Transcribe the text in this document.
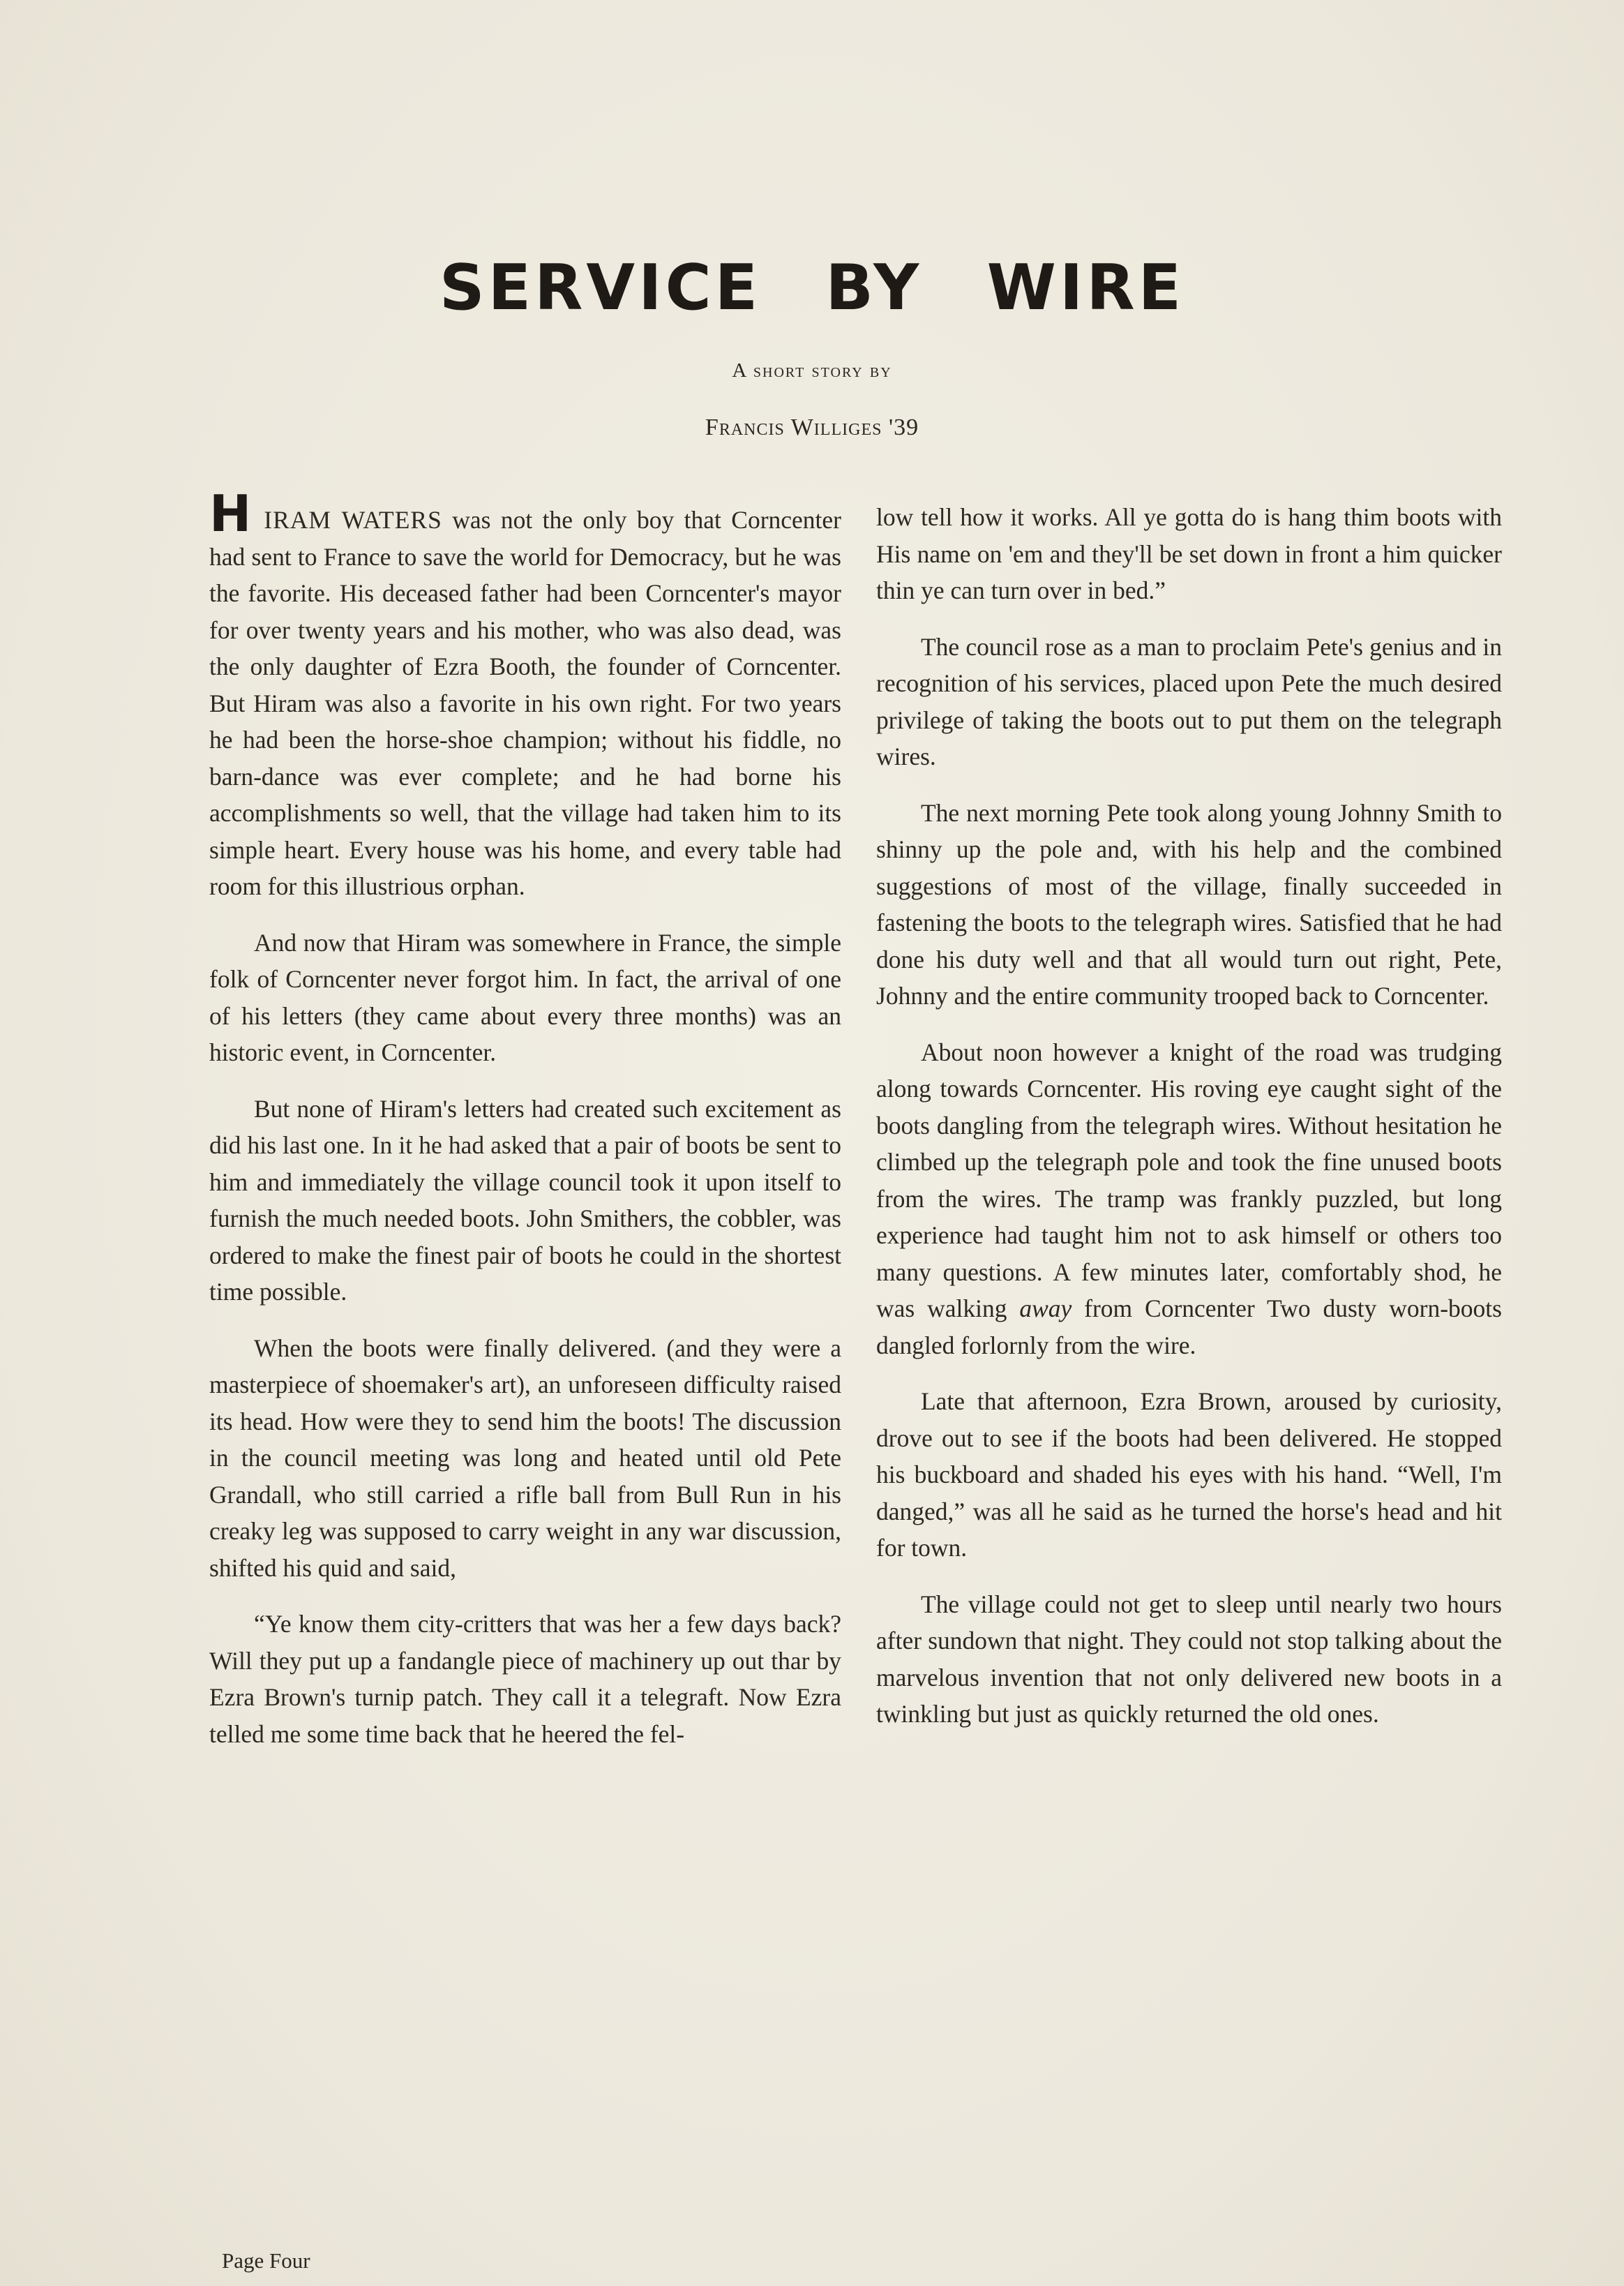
SERVICE BY WIRE
A short story by
Francis Williges '39

HIRAM WATERS was not the only boy that Corncenter had sent to France to save the world for Democracy, but he was the favorite. His deceased father had been Corncenter's mayor for over twenty years and his mother, who was also dead, was the only daughter of Ezra Booth, the founder of Corncenter. But Hiram was also a favorite in his own right. For two years he had been the horse-shoe champion; without his fiddle, no barn-dance was ever complete; and he had borne his accomplishments so well, that the village had taken him to its simple heart. Every house was his home, and every table had room for this illustrious orphan.

And now that Hiram was somewhere in France, the simple folk of Corncenter never forgot him. In fact, the arrival of one of his letters (they came about every three months) was an historic event, in Corncenter.

But none of Hiram's letters had created such excitement as did his last one. In it he had asked that a pair of boots be sent to him and immediately the village council took it upon itself to furnish the much needed boots. John Smithers, the cobbler, was ordered to make the finest pair of boots he could in the shortest time possible.

When the boots were finally delivered. (and they were a masterpiece of shoemaker's art), an unforeseen difficulty raised its head. How were they to send him the boots! The discussion in the council meeting was long and heated until old Pete Grandall, who still carried a rifle ball from Bull Run in his creaky leg was supposed to carry weight in any war discussion, shifted his quid and said,

“Ye know them city-critters that was her a few days back? Will they put up a fandangle piece of machinery up out thar by Ezra Brown's turnip patch. They call it a telegraft. Now Ezra telled me some time back that he heered the fel-

low tell how it works. All ye gotta do is hang thim boots with His name on 'em and they'll be set down in front a him quicker thin ye can turn over in bed.”

The council rose as a man to proclaim Pete's genius and in recognition of his services, placed upon Pete the much desired privilege of taking the boots out to put them on the telegraph wires.

The next morning Pete took along young Johnny Smith to shinny up the pole and, with his help and the combined suggestions of most of the village, finally succeeded in fastening the boots to the telegraph wires. Satisfied that he had done his duty well and that all would turn out right, Pete, Johnny and the entire community trooped back to Corncenter.

About noon however a knight of the road was trudging along towards Corncenter. His roving eye caught sight of the boots dangling from the telegraph wires. Without hesitation he climbed up the telegraph pole and took the fine unused boots from the wires. The tramp was frankly puzzled, but long experience had taught him not to ask himself or others too many questions. A few minutes later, comfortably shod, he was walking away from Corncenter Two dusty worn-boots dangled forlornly from the wire.

Late that afternoon, Ezra Brown, aroused by curiosity, drove out to see if the boots had been delivered. He stopped his buckboard and shaded his eyes with his hand. “Well, I'm danged,” was all he said as he turned the horse's head and hit for town.

The village could not get to sleep until nearly two hours after sundown that night. They could not stop talking about the marvelous invention that not only delivered new boots in a twinkling but just as quickly returned the old ones.

Page Four
